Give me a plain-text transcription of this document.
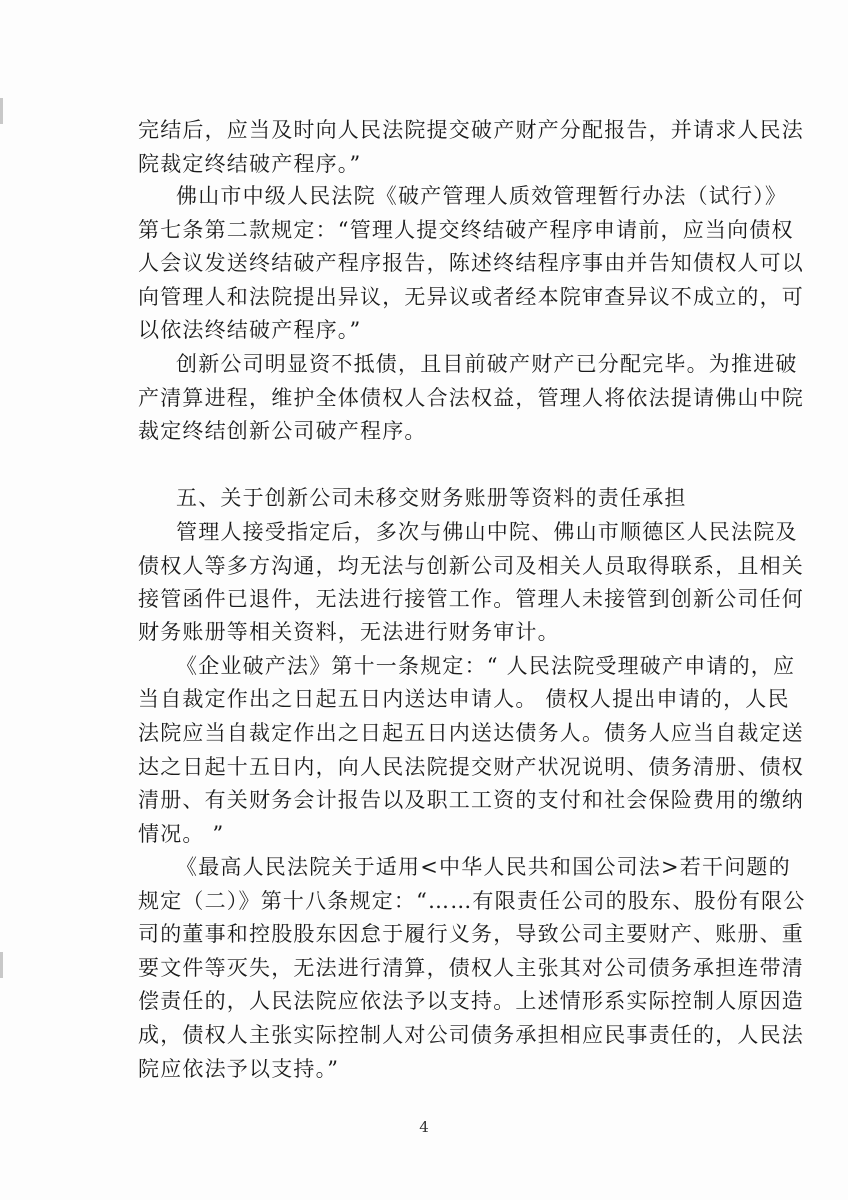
完结后，应当及时向人民法院提交破产财产分配报告，并请求人民法
院裁定终结破产程序。”
佛山市中级人民法院《破产管理人质效管理暂行办法（试行）》
第七条第二款规定：“管理人提交终结破产程序申请前，应当向债权
人会议发送终结破产程序报告，陈述终结程序事由并告知债权人可以
向管理人和法院提出异议，无异议或者经本院审查异议不成立的，可
以依法终结破产程序。”
创新公司明显资不抵债，且目前破产财产已分配完毕。为推进破
产清算进程，维护全体债权人合法权益，管理人将依法提请佛山中院
裁定终结创新公司破产程序。
五、关于创新公司未移交财务账册等资料的责任承担
管理人接受指定后，多次与佛山中院、佛山市顺德区人民法院及
债权人等多方沟通，均无法与创新公司及相关人员取得联系，且相关
接管函件已退件，无法进行接管工作。管理人未接管到创新公司任何
财务账册等相关资料，无法进行财务审计。
《企业破产法》第十一条规定：“ 人民法院受理破产申请的，应
当自裁定作出之日起五日内送达申请人。 债权人提出申请的，人民
法院应当自裁定作出之日起五日内送达债务人。债务人应当自裁定送
达之日起十五日内，向人民法院提交财产状况说明、债务清册、债权
清册、有关财务会计报告以及职工工资的支付和社会保险费用的缴纳
情况。 ”
《最高人民法院关于适用<中华人民共和国公司法>若干问题的
规定（二）》第十八条规定：“……有限责任公司的股东、股份有限公
司的董事和控股股东因怠于履行义务，导致公司主要财产、账册、重
要文件等灭失，无法进行清算，债权人主张其对公司债务承担连带清
偿责任的，人民法院应依法予以支持。上述情形系实际控制人原因造
成，债权人主张实际控制人对公司债务承担相应民事责任的，人民法
院应依法予以支持。”
4
